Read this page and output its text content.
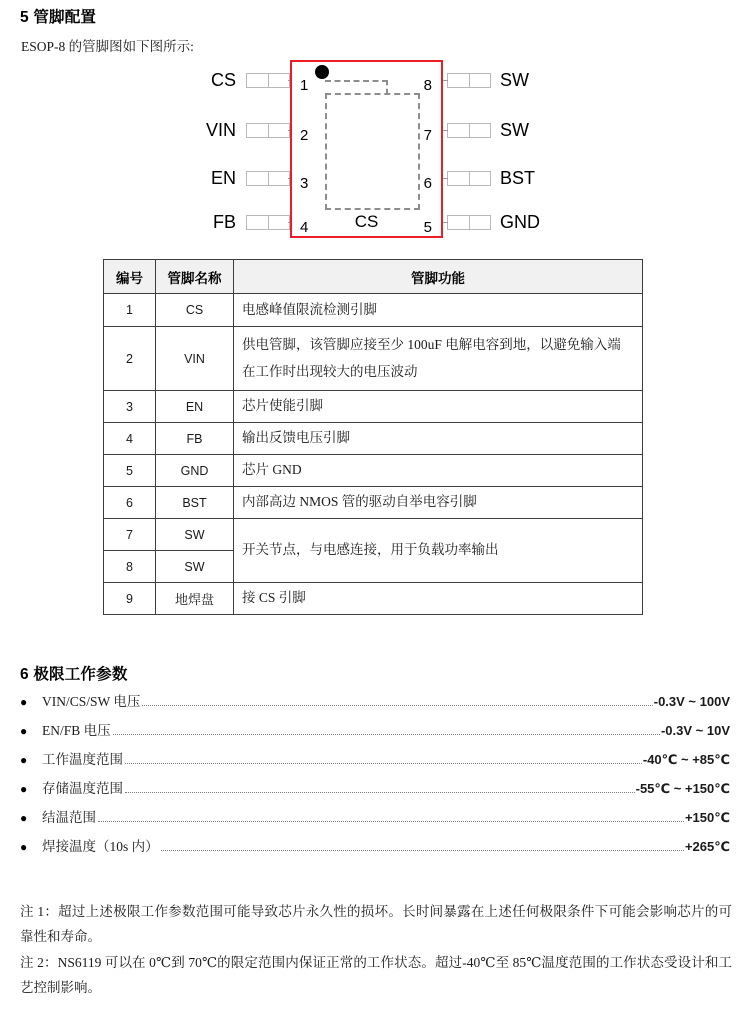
5 管脚配置
ESOP-8 的管脚图如下图所示:
CS
VIN
EN
FB
SW
SW
BST
GND
1
2
3
4
8
7
6
5
CS
编号	管脚名称	管脚功能
1	CS	电感峰值限流检测引脚
2	VIN	供电管脚，该管脚应接至少 100uF 电解电容到地，以避免输入端在工作时出现较大的电压波动
3	EN	芯片使能引脚
4	FB	输出反馈电压引脚
5	GND	芯片 GND
6	BST	内部高边 NMOS 管的驱动自举电容引脚
7	SW	开关节点，与电感连接，用于负载功率输出
8	SW	
9	地焊盘	接 CS 引脚
6 极限工作参数
●	VIN/CS/SW 电压	-0.3V ~ 100V
●	EN/FB 电压	-0.3V ~ 10V
●	工作温度范围	-40℃ ~ +85℃
●	存储温度范围	-55℃ ~ +150℃
●	结温范围	+150℃
●	焊接温度（10s 内）	+265℃

注 1：超过上述极限工作参数范围可能导致芯片永久性的损坏。长时间暴露在上述任何极限条件下可能会影响芯片的可靠性和寿命。

注 2：NS6119 可以在 0℃到 70℃的限定范围内保证正常的工作状态。超过-40℃至 85℃温度范围的工作状态受设计和工艺控制影响。
